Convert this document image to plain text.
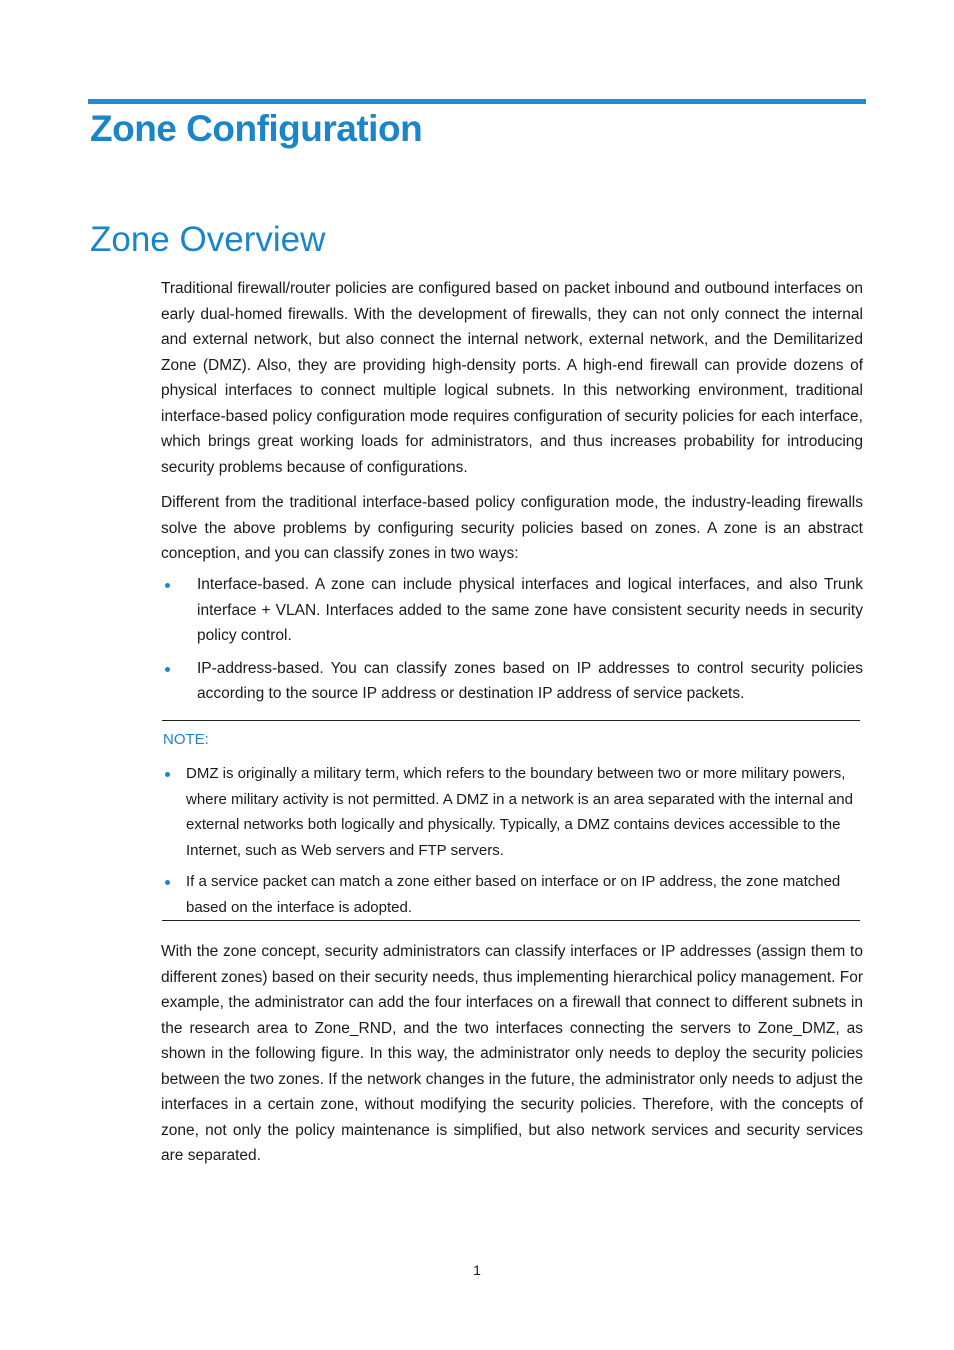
Zone Configuration
Zone Overview

Traditional firewall/router policies are configured based on packet inbound and outbound interfaces on early dual-homed firewalls. With the development of firewalls, they can not only connect the internal and external network, but also connect the internal network, external network, and the Demilitarized Zone (DMZ). Also, they are providing high-density ports. A high-end firewall can provide dozens of physical interfaces to connect multiple logical subnets. In this networking environment, traditional interface-based policy configuration mode requires configuration of security policies for each interface, which brings great working loads for administrators, and thus increases probability for introducing security problems because of configurations.

Different from the traditional interface-based policy configuration mode, the industry-leading firewalls solve the above problems by configuring security policies based on zones. A zone is an abstract conception, and you can classify zones in two ways:

Interface-based. A zone can include physical interfaces and logical interfaces, and also Trunk interface + VLAN. Interfaces added to the same zone have consistent security needs in security policy control.
IP-address-based. You can classify zones based on IP addresses to control security policies according to the source IP address or destination IP address of service packets.

NOTE:

DMZ is originally a military term, which refers to the boundary between two or more military powers, where military activity is not permitted. A DMZ in a network is an area separated with the internal and external networks both logically and physically. Typically, a DMZ contains devices accessible to the Internet, such as Web servers and FTP servers.
If a service packet can match a zone either based on interface or on IP address, the zone matched based on the interface is adopted.

With the zone concept, security administrators can classify interfaces or IP addresses (assign them to different zones) based on their security needs, thus implementing hierarchical policy management. For example, the administrator can add the four interfaces on a firewall that connect to different subnets in the research area to Zone_RND, and the two interfaces connecting the servers to Zone_DMZ, as shown in the following figure. In this way, the administrator only needs to deploy the security policies between the two zones. If the network changes in the future, the administrator only needs to adjust the interfaces in a certain zone, without modifying the security policies. Therefore, with the concepts of zone, not only the policy maintenance is simplified, but also network services and security services are separated.

1
